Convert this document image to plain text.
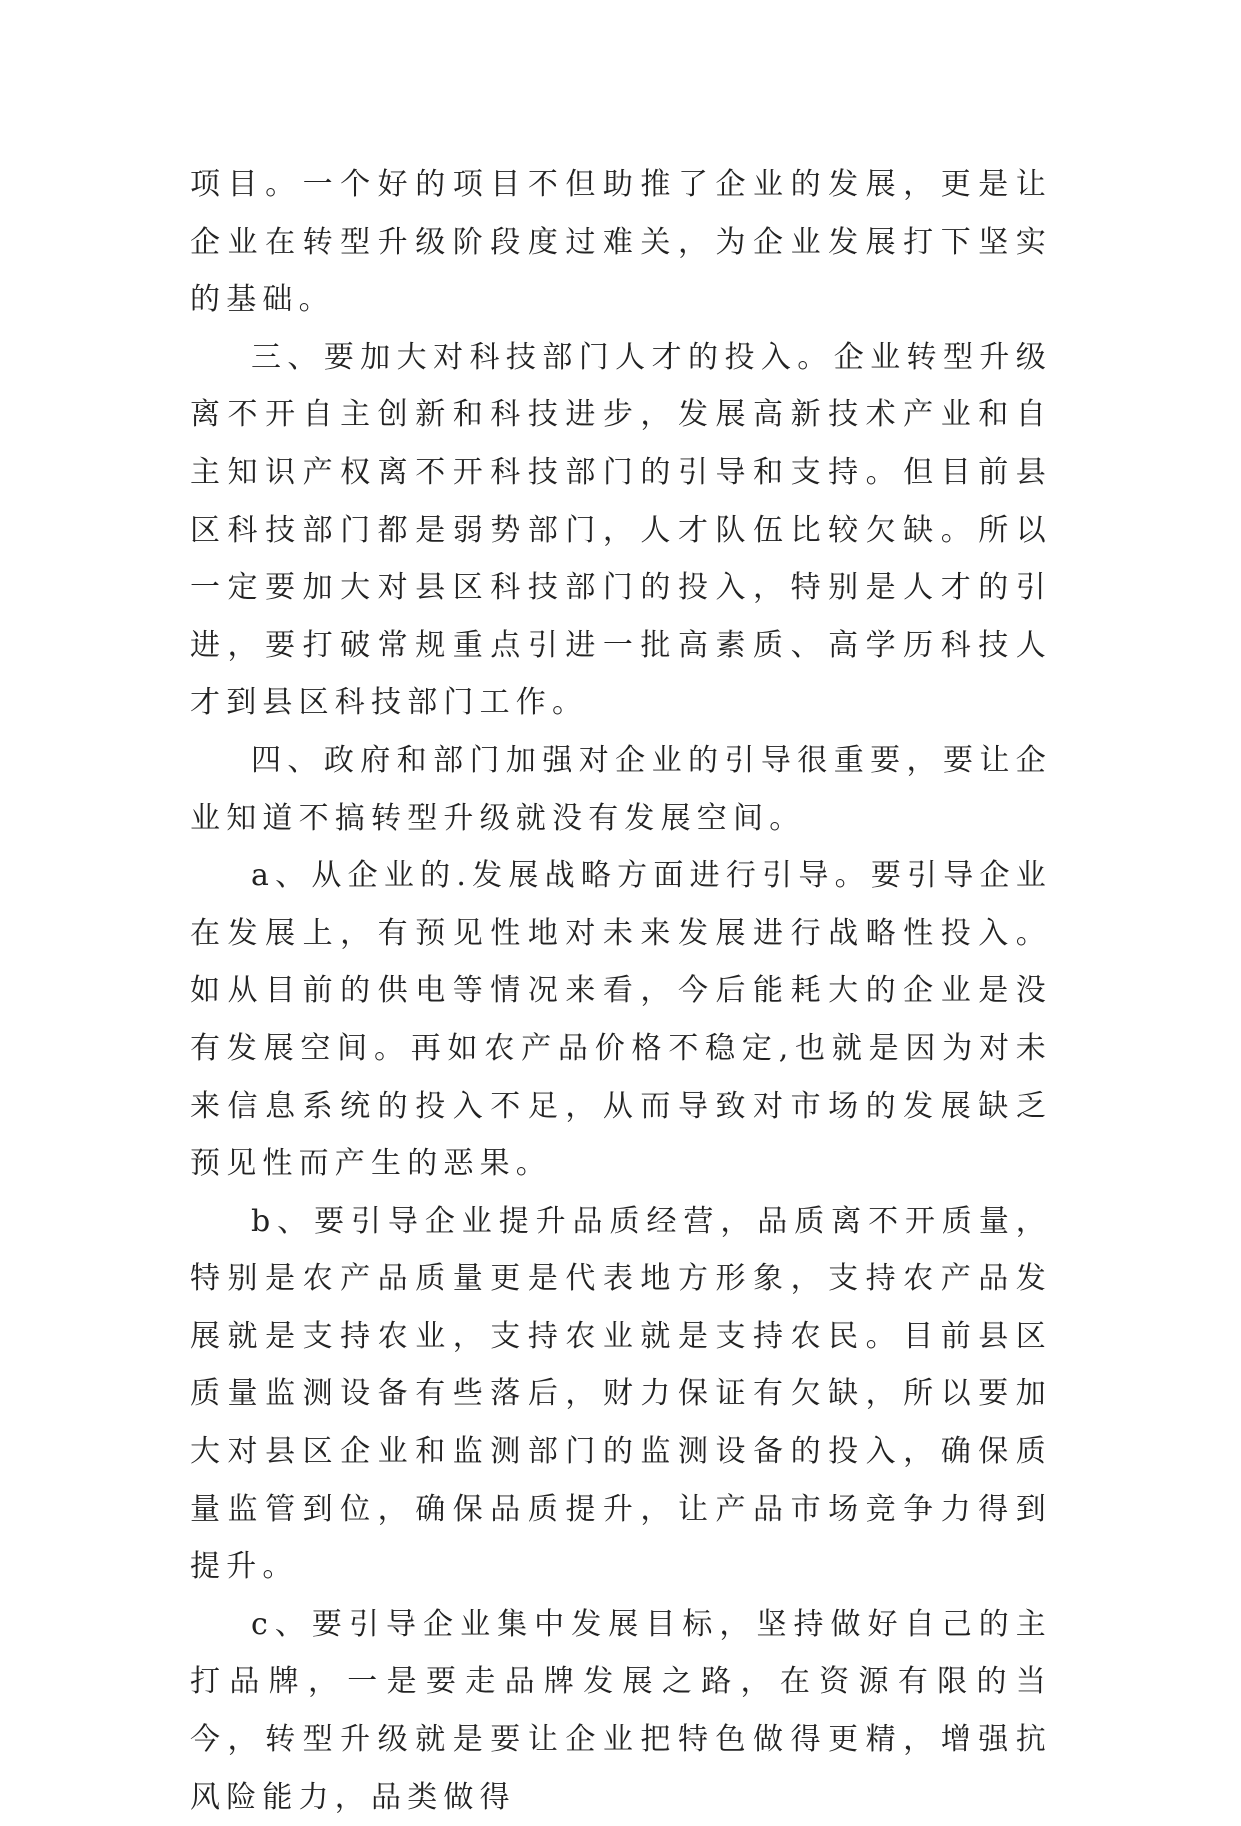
项目。一个好的项目不但助推了企业的发展，更是让企业在转型升级阶段度过难关，为企业发展打下坚实的基础。

三、要加大对科技部门人才的投入。企业转型升级离不开自主创新和科技进步，发展高新技术产业和自主知识产权离不开科技部门的引导和支持。但目前县区科技部门都是弱势部门，人才队伍比较欠缺。所以一定要加大对县区科技部门的投入，特别是人才的引进，要打破常规重点引进一批高素质、高学历科技人才到县区科技部门工作。

四、政府和部门加强对企业的引导很重要，要让企业知道不搞转型升级就没有发展空间。

a、从企业的.发展战略方面进行引导。要引导企业在发展上，有预见性地对未来发展进行战略性投入。如从目前的供电等情况来看，今后能耗大的企业是没有发展空间。再如农产品价格不稳定,也就是因为对未来信息系统的投入不足，从而导致对市场的发展缺乏预见性而产生的恶果。

b、要引导企业提升品质经营，品质离不开质量，特别是农产品质量更是代表地方形象，支持农产品发展就是支持农业，支持农业就是支持农民。目前县区质量监测设备有些落后，财力保证有欠缺，所以要加大对县区企业和监测部门的监测设备的投入，确保质量监管到位，确保品质提升，让产品市场竞争力得到提升。

c、要引导企业集中发展目标，坚持做好自己的主打品牌，一是要走品牌发展之路，在资源有限的当今，转型升级就是要让企业把特色做得更精，增强抗风险能力，品类做得
